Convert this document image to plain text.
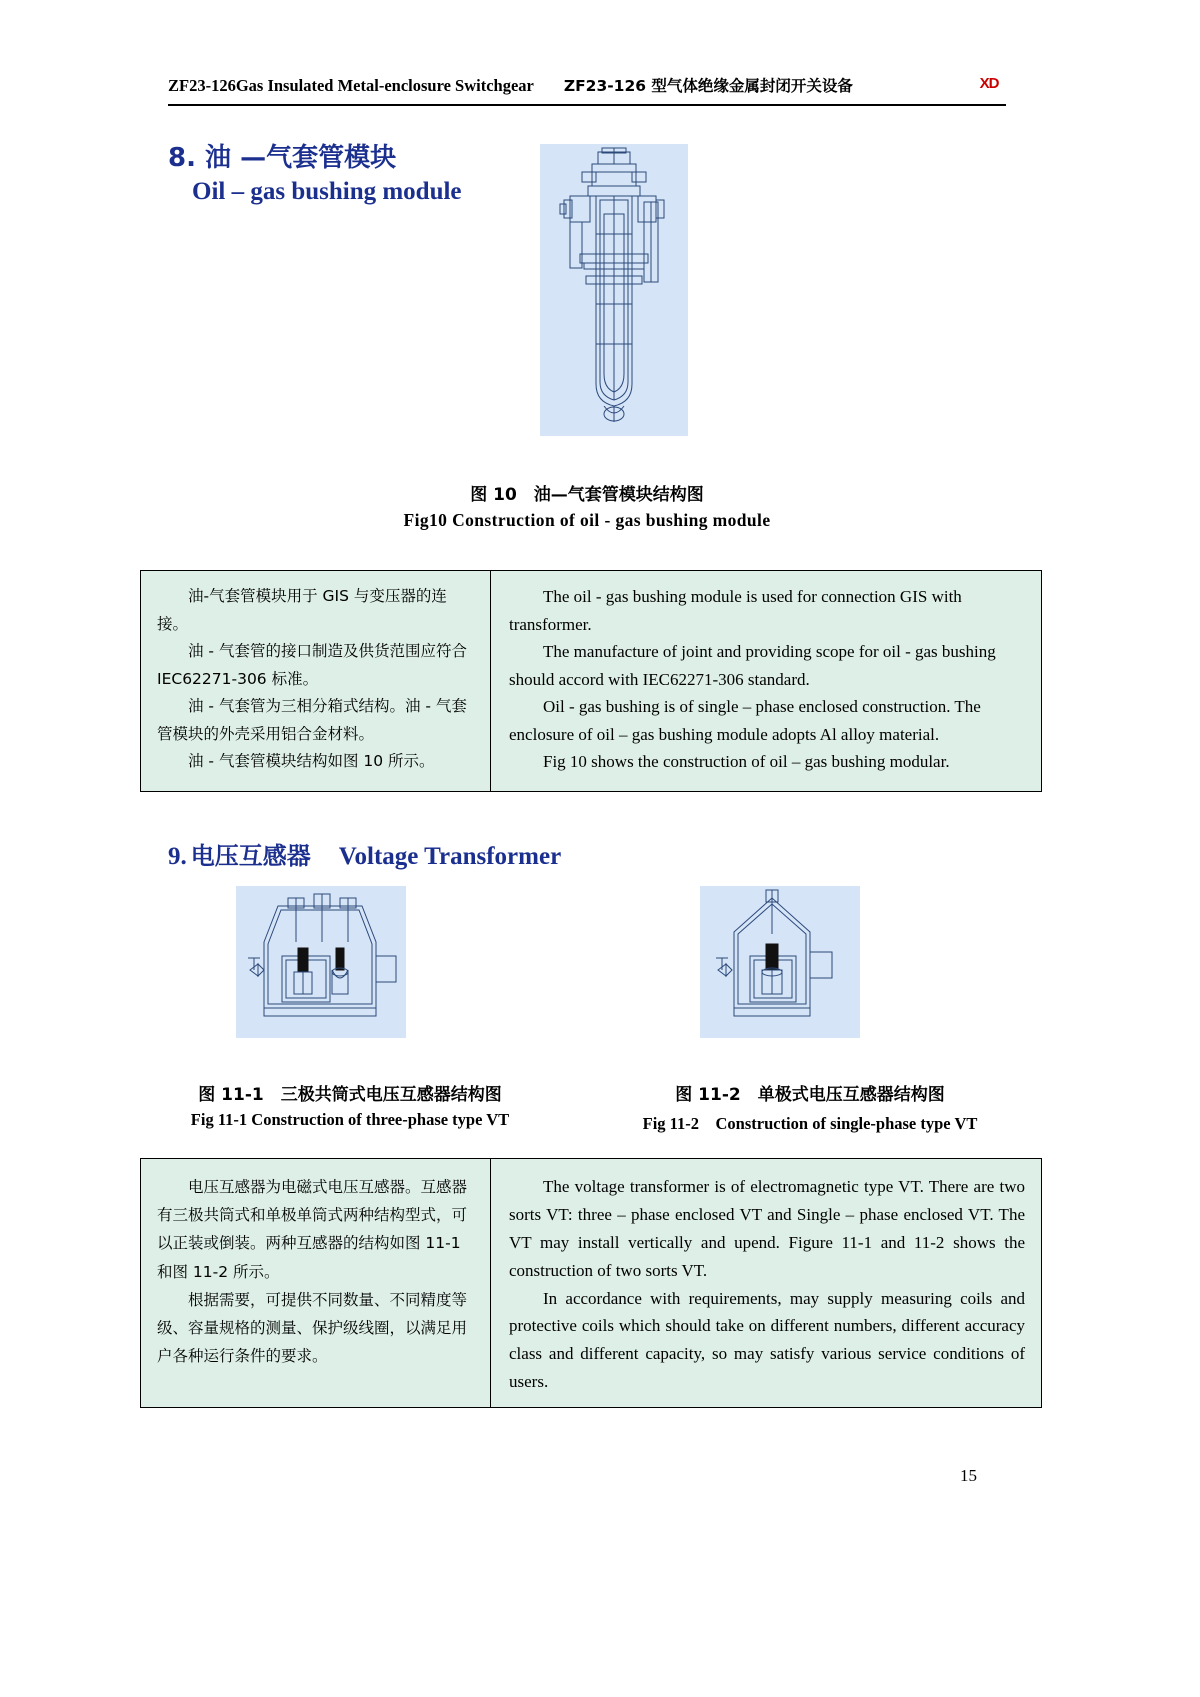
ZF23-126Gas Insulated Metal-enclosure Switchgear ZF23-126 型气体绝缘金属封闭开关设备	XD
8. 油 —气套管模块
Oil – gas bushing module
图 10　油—气套管模块结构图
Fig10 Construction of oil - gas bushing module
油-气套管模块用于 GIS 与变压器的连接。
油 - 气套管的接口制造及供货范围应符合 IEC62271-306 标准。
油 - 气套管为三相分箱式结构。油 - 气套管模块的外壳采用铝合金材料。
油 - 气套管模块结构如图 10 所示。
The oil - gas bushing module is used for connection GIS with transformer.
The manufacture of joint and providing scope for oil - gas bushing should accord with IEC62271-306 standard.
Oil - gas bushing is of single – phase enclosed construction. The enclosure of oil – gas bushing module adopts Al alloy material.
Fig 10 shows the construction of oil – gas bushing modular.
9. 电压互感器 Voltage Transformer
图 11-1　三极共筒式电压互感器结构图
Fig 11-1 Construction of three-phase type VT
图 11-2　单极式电压互感器结构图
Fig 11-2　Construction of single-phase type VT
电压互感器为电磁式电压互感器。互感器有三极共筒式和单极单筒式两种结构型式，可以正装或倒装。两种互感器的结构如图 11-1 和图 11-2 所示。
根据需要，可提供不同数量、不同精度等级、容量规格的测量、保护级线圈，以满足用户各种运行条件的要求。
The voltage transformer is of electromagnetic type VT. There are two sorts VT: three – phase enclosed VT and Single – phase enclosed VT. The VT may install vertically and upend. Figure 11-1 and 11-2 shows the construction of two sorts VT.
In accordance with requirements, may supply measuring coils and protective coils which should take on different numbers, different accuracy class and different capacity, so may satisfy various service conditions of users.
15
